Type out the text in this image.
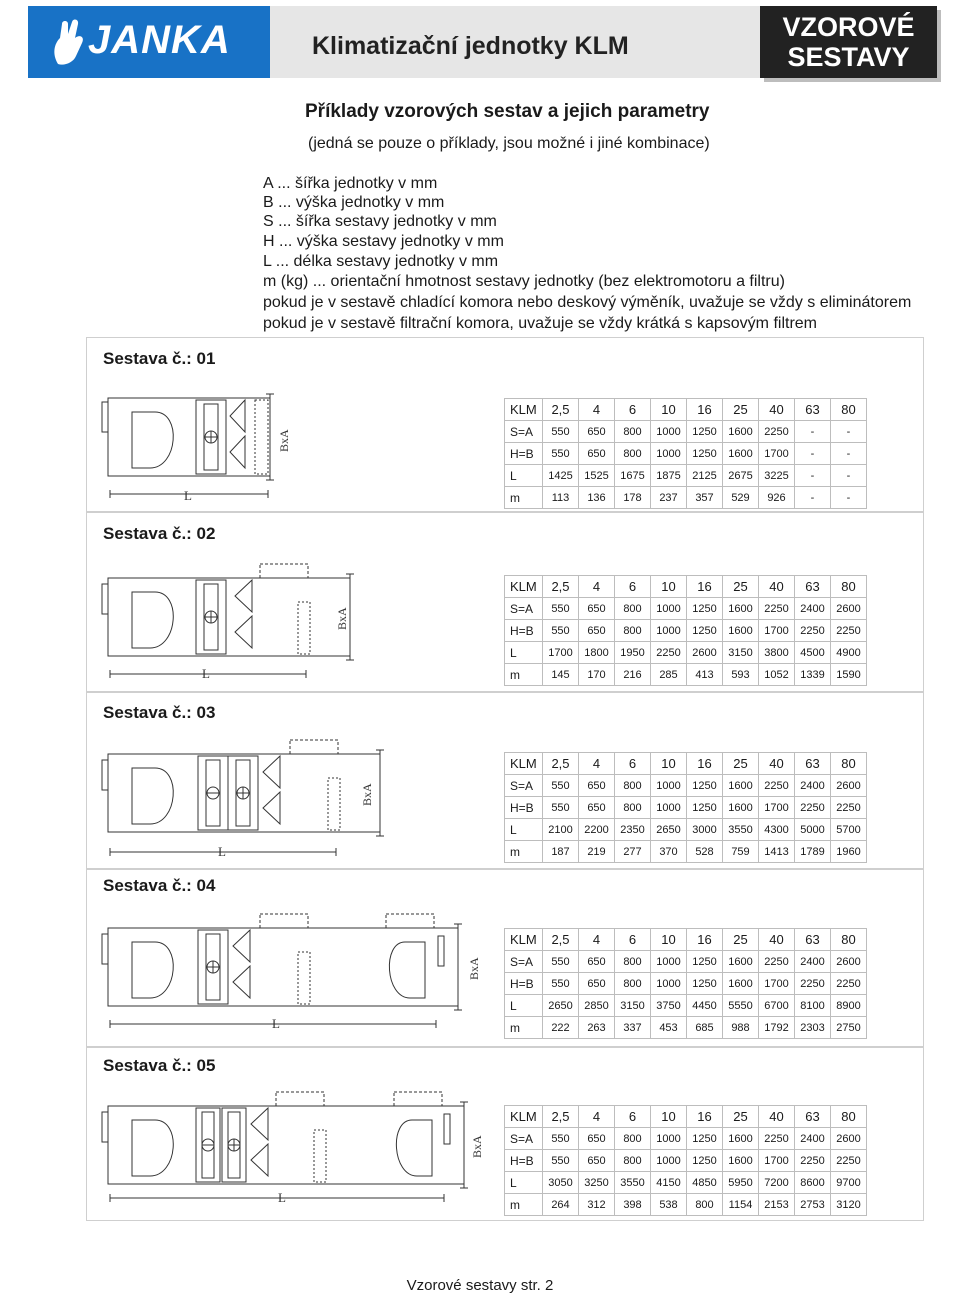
JANKA	Klimatizační jednotky KLM
VZOROVÉ
SESTAVY
Příklady vzorových sestav a jejich parametry
(jedná se pouze o příklady, jsou možné i jiné kombinace)
A ... šířka jednotky v mm
B ... výška jednotky v mm
S ... šířka sestavy jednotky v mm
H ... výška sestavy jednotky v mm
L ... délka sestavy jednotky v mm
m (kg) ... orientační hmotnost sestavy jednotky (bez elektromotoru a filtru)
pokud je v sestavě chladící komora nebo deskový výměník, uvažuje se vždy s eliminátorem
pokud je v sestavě filtrační komora, uvažuje se vždy krátká s kapsovým filtrem
Sestava č.: 01
Sestava č.: 02
Sestava č.: 03
Sestava č.: 04
Sestava č.: 05
L
BxA
L
BxA
L
BxA
L
BxA
L
BxA
KLM	2,5	4	6	10	16	25	40	63	80
S=A	550	650	800	1000	1250	1600	2250	-	-
H=B	550	650	800	1000	1250	1600	1700	-	-
L	1425	1525	1675	1875	2125	2675	3225	-	-
m	113	136	178	237	357	529	926	-	-
KLM	2,5	4	6	10	16	25	40	63	80
S=A	550	650	800	1000	1250	1600	2250	2400	2600
H=B	550	650	800	1000	1250	1600	1700	2250	2250
L	1700	1800	1950	2250	2600	3150	3800	4500	4900
m	145	170	216	285	413	593	1052	1339	1590
KLM	2,5	4	6	10	16	25	40	63	80
S=A	550	650	800	1000	1250	1600	2250	2400	2600
H=B	550	650	800	1000	1250	1600	1700	2250	2250
L	2100	2200	2350	2650	3000	3550	4300	5000	5700
m	187	219	277	370	528	759	1413	1789	1960
KLM	2,5	4	6	10	16	25	40	63	80
S=A	550	650	800	1000	1250	1600	2250	2400	2600
H=B	550	650	800	1000	1250	1600	1700	2250	2250
L	2650	2850	3150	3750	4450	5550	6700	8100	8900
m	222	263	337	453	685	988	1792	2303	2750
KLM	2,5	4	6	10	16	25	40	63	80
S=A	550	650	800	1000	1250	1600	2250	2400	2600
H=B	550	650	800	1000	1250	1600	1700	2250	2250
L	3050	3250	3550	4150	4850	5950	7200	8600	9700
m	264	312	398	538	800	1154	2153	2753	3120
Vzorové sestavy str. 2
